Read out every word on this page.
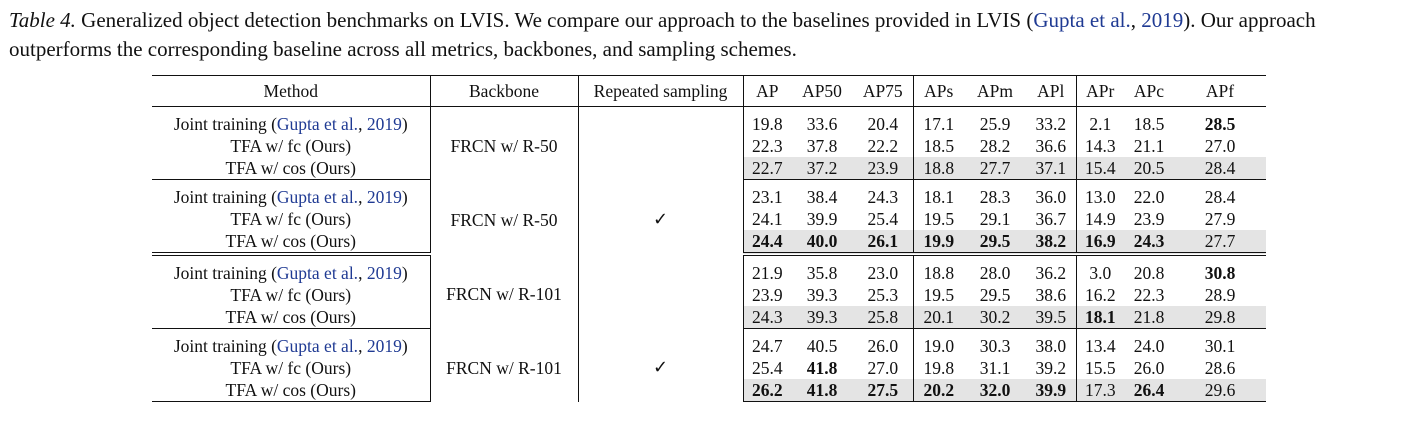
Table 4. Generalized object detection benchmarks on LVIS. We compare our approach to the baselines provided in LVIS (Gupta et al., 2019). Our approach outperforms the corresponding baseline across all metrics, backbones, and sampling schemes.
Method	Backbone	Repeated sampling	AP	AP50	AP75	APs	APm	APl	APr	APc	APf
Joint training (Gupta et al., 2019)	FRCN w/ R-50		19.8	33.6	20.4	17.1	25.9	33.2	2.1	18.5	28.5
TFA w/ fc (Ours)			22.3	37.8	22.2	18.5	28.2	36.6	14.3	21.1	27.0
TFA w/ cos (Ours)			22.7	37.2	23.9	18.8	27.7	37.1	15.4	20.5	28.4
Joint training (Gupta et al., 2019)	FRCN w/ R-50	✓	23.1	38.4	24.3	18.1	28.3	36.0	13.0	22.0	28.4
TFA w/ fc (Ours)			24.1	39.9	25.4	19.5	29.1	36.7	14.9	23.9	27.9
TFA w/ cos (Ours)			24.4	40.0	26.1	19.9	29.5	38.2	16.9	24.3	27.7
Joint training (Gupta et al., 2019)	FRCN w/ R-101		21.9	35.8	23.0	18.8	28.0	36.2	3.0	20.8	30.8
TFA w/ fc (Ours)			23.9	39.3	25.3	19.5	29.5	38.6	16.2	22.3	28.9
TFA w/ cos (Ours)			24.3	39.3	25.8	20.1	30.2	39.5	18.1	21.8	29.8
Joint training (Gupta et al., 2019)	FRCN w/ R-101	✓	24.7	40.5	26.0	19.0	30.3	38.0	13.4	24.0	30.1
TFA w/ fc (Ours)			25.4	41.8	27.0	19.8	31.1	39.2	15.5	26.0	28.6
TFA w/ cos (Ours)			26.2	41.8	27.5	20.2	32.0	39.9	17.3	26.4	29.6
